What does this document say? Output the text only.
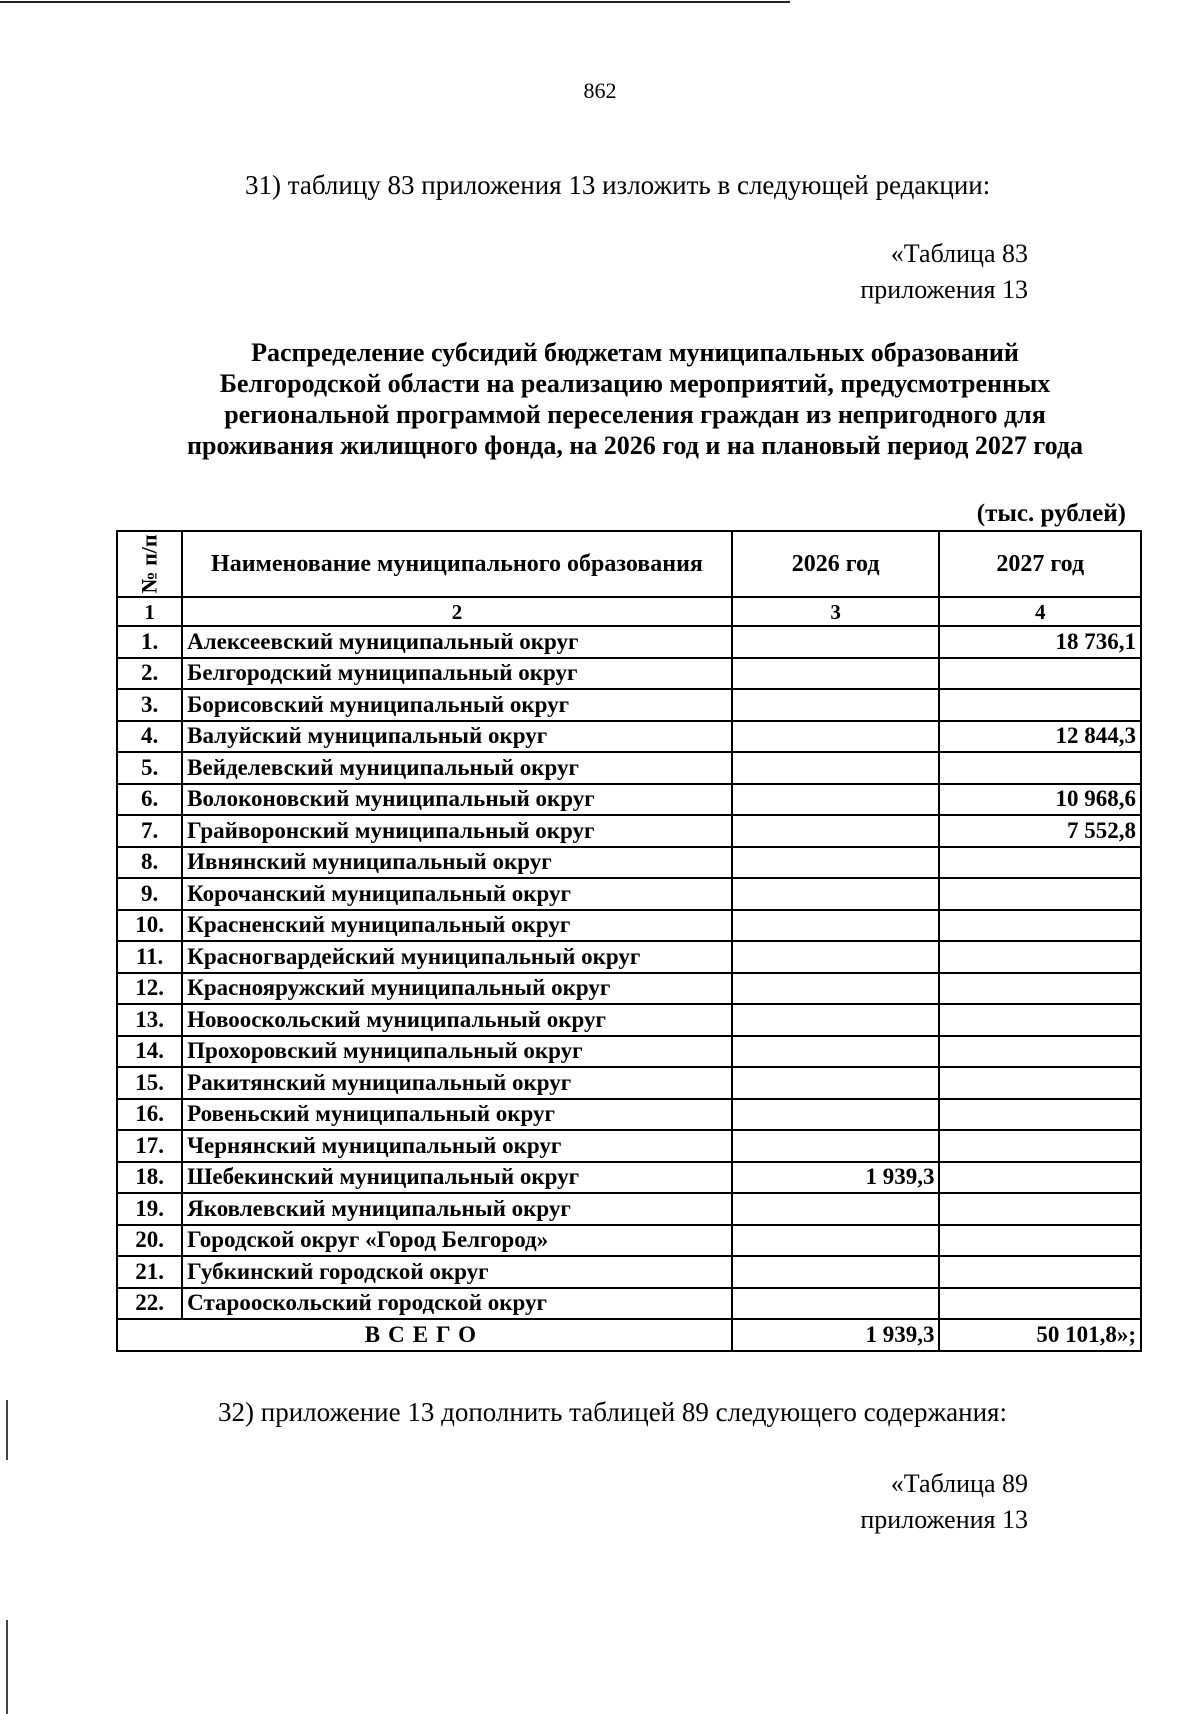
862
31) таблицу 83 приложения 13 изложить в следующей редакции:
«Таблица 83
приложения 13
Распределение субсидий бюджетам муниципальных образований
Белгородской области на реализацию мероприятий, предусмотренных
региональной программой переселения граждан из непригодного для
проживания жилищного фонда, на 2026 год и на плановый период 2027 года
(тыс. рублей)
№ п/п	Наименование муниципального образования	2026 год	2027 год
1	2	3	4
1.	Алексеевский муниципальный округ		18 736,1
2.	Белгородский муниципальный округ		
3.	Борисовский муниципальный округ		
4.	Валуйский муниципальный округ		12 844,3
5.	Вейделевский муниципальный округ		
6.	Волоконовский муниципальный округ		10 968,6
7.	Грайворонский муниципальный округ		7 552,8
8.	Ивнянский муниципальный округ		
9.	Корочанский муниципальный округ		
10.	Красненский муниципальный округ		
11.	Красногвардейский муниципальный округ		
12.	Краснояружский муниципальный округ		
13.	Новооскольский муниципальный округ		
14.	Прохоровский муниципальный округ		
15.	Ракитянский муниципальный округ		
16.	Ровеньский муниципальный округ		
17.	Чернянский муниципальный округ		
18.	Шебекинский муниципальный округ	1 939,3	
19.	Яковлевский муниципальный округ		
20.	Городской округ «Город Белгород»		
21.	Губкинский городской округ		
22.	Старооскольский городской округ		
ВСЕГО		1 939,3	50 101,8»;
32) приложение 13 дополнить таблицей 89 следующего содержания:
«Таблица 89
приложения 13
